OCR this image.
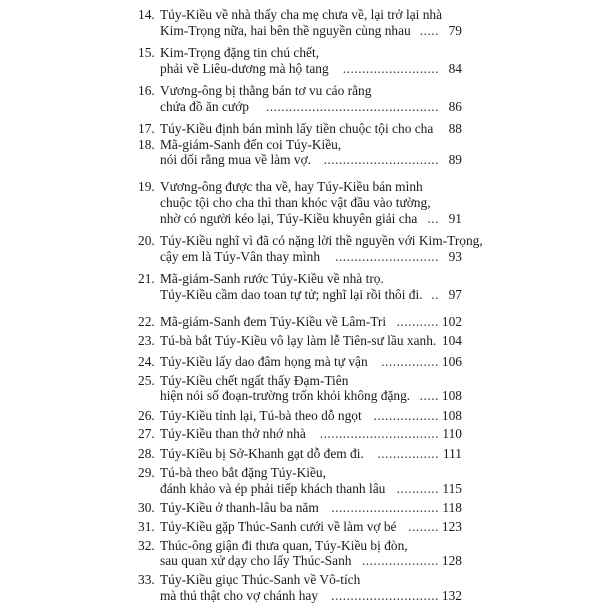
14. Túy-Kiều về nhà thấy cha mẹ chưa về, lại trở lại nhà
Kim-Trọng nữa, hai bên thề nguyền cùng nhau ..... 79
15. Kim-Trọng đặng tin chú chết,
phải về Liêu-dương mà hộ tang ......................... 84
16. Vương-ông bị thằng bán tơ vu cáo rằng
chứa đồ ăn cướp ............................................. 86
17. Túy-Kiều định bán mình lấy tiền chuộc tội cho cha	88
18. Mã-giám-Sanh đến coi Túy-Kiều,
nói dối rằng mua về làm vợ. .............................. 89
19. Vương-ông được tha về, hay Túy-Kiều bán mình
chuộc tội cho cha thì than khóc vật đầu vào tường,
nhờ có người kéo lại, Túy-Kiều khuyên giải cha ... 91
20. Túy-Kiều nghĩ vì đã có nặng lời thề nguyền với Kim-Trọng,
cậy em là Túy-Vân thay mình ........................... 93
21. Mã-giám-Sanh rước Túy-Kiều về nhà trọ.
Túy-Kiều cầm dao toan tự tử; nghĩ lại rồi thôi đi. .. 97
22. Mã-giám-Sanh đem Túy-Kiều về Lâm-Tri ........... 102
23. Tú-bà bắt Túy-Kiều vô lạy làm lễ Tiên-sư lầu xanh. 104
24. Túy-Kiều lấy dao đâm họng mà tự vận ............... 106
25. Túy-Kiều chết ngất thấy Đạm-Tiên
hiện nói số đoạn-trường trốn khỏi không đặng. ..... 108
26. Túy-Kiều tỉnh lại, Tú-bà theo dỗ ngọt ................. 108
27. Túy-Kiều than thở nhớ nhà ............................... 110
28. Túy-Kiều bị Sở-Khanh gạt dỗ đem đi. ................ 111
29. Tú-bà theo bắt đặng Túy-Kiều,
đánh khảo và ép phải tiếp khách thanh lâu ........... 115
30. Túy-Kiều ở thanh-lâu ba năm ............................ 118
31. Túy-Kiều gặp Thúc-Sanh cưới về làm vợ bé ........ 123
32. Thúc-ông giận đi thưa quan, Túy-Kiều bị đòn,
sau quan xử dạy cho lấy Thúc-Sanh .................... 128
33. Túy-Kiều giục Thúc-Sanh về Vô-tích
mà thú thật cho vợ chánh hay ............................ 132
